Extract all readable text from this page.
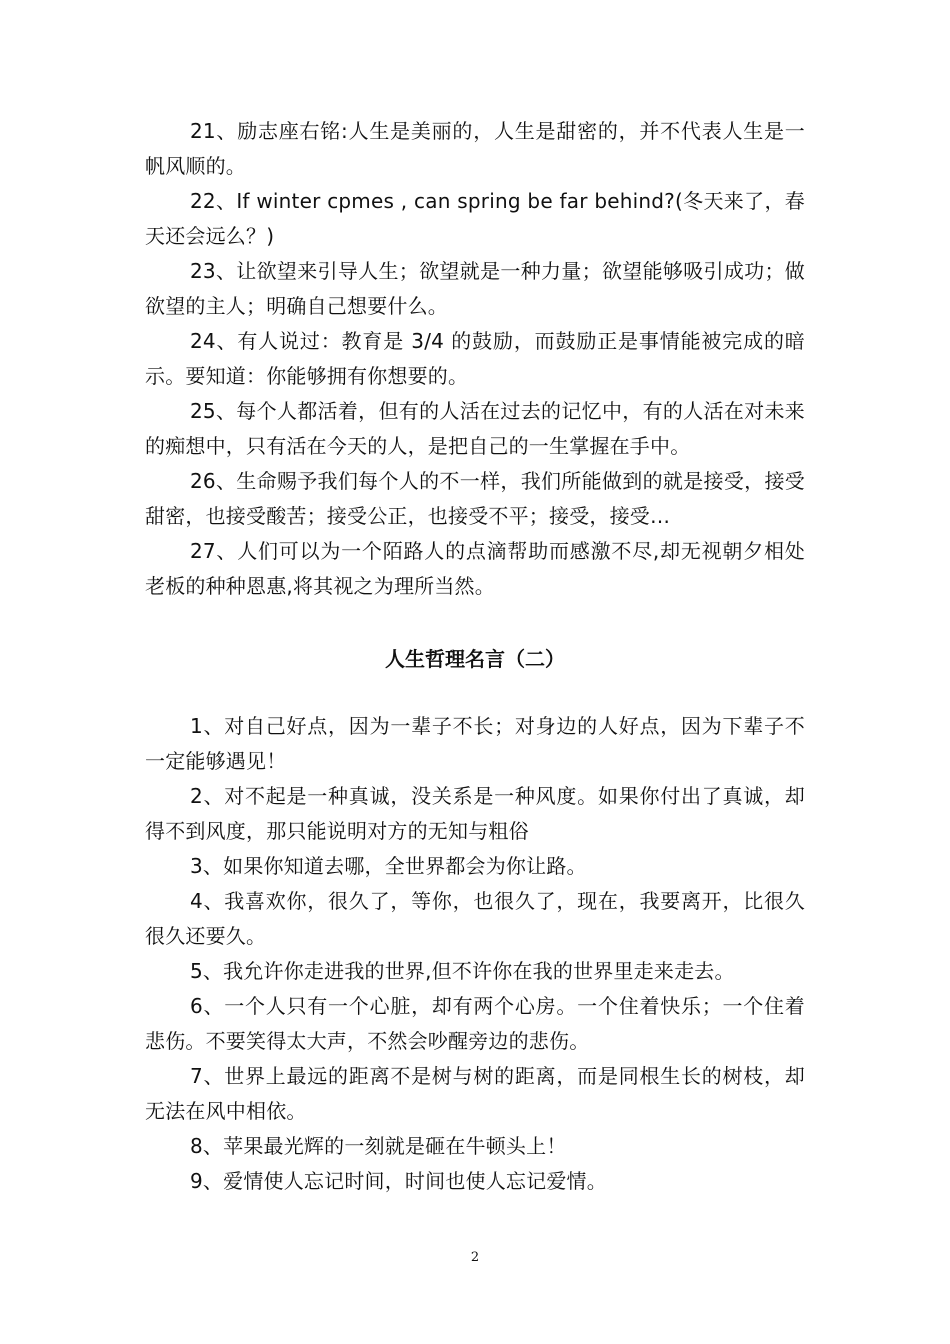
21、励志座右铭:人生是美丽的，人生是甜密的，并不代表人生是一帆风顺的。

22、If winter cpmes , can spring be far behind?(冬天来了，春天还会远么？)

23、让欲望来引导人生；欲望就是一种力量；欲望能够吸引成功；做欲望的主人；明确自己想要什么。

24、有人说过：教育是 3/4 的鼓励，而鼓励正是事情能被完成的暗示。要知道：你能够拥有你想要的。

25、每个人都活着，但有的人活在过去的记忆中，有的人活在对未来的痴想中，只有活在今天的人，是把自己的一生掌握在手中。

26、生命赐予我们每个人的不一样，我们所能做到的就是接受，接受甜密，也接受酸苦；接受公正，也接受不平；接受，接受…

27、人们可以为一个陌路人的点滴帮助而感激不尽,却无视朝夕相处老板的种种恩惠,将其视之为理所当然。

人生哲理名言（二）

1、对自己好点，因为一辈子不长；对身边的人好点，因为下辈子不一定能够遇见！

2、对不起是一种真诚，没关系是一种风度。如果你付出了真诚，却得不到风度，那只能说明对方的无知与粗俗

3、如果你知道去哪，全世界都会为你让路。

4、我喜欢你，很久了，等你，也很久了，现在，我要离开，比很久很久还要久。

5、我允许你走进我的世界,但不许你在我的世界里走来走去。

6、一个人只有一个心脏，却有两个心房。一个住着快乐；一个住着悲伤。不要笑得太大声，不然会吵醒旁边的悲伤。

7、世界上最远的距离不是树与树的距离，而是同根生长的树枝，却无法在风中相依。

8、苹果最光辉的一刻就是砸在牛顿头上！

9、爱情使人忘记时间，时间也使人忘记爱情。

2
